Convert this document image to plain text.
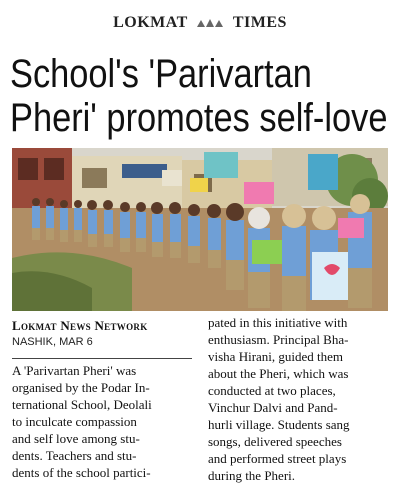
LOKMAT	TIMES
School's 'Parivartan
Pheri' promotes self-love
Lokmat News Network
NASHIK, MAR 6
A 'Parivartan Pheri' was
organised by the Podar In-
ternational School, Deolali
to inculcate compassion
and self love among stu-
dents. Teachers and stu-
dents of the school partici-
pated in this initiative with
enthusiasm. Principal Bha-
visha Hirani, guided them
about the Pheri, which was
conducted at two places,
Vinchur Dalvi and Pand-
hurli village. Students sang
songs, delivered speeches
and performed street plays
during the Pheri.
